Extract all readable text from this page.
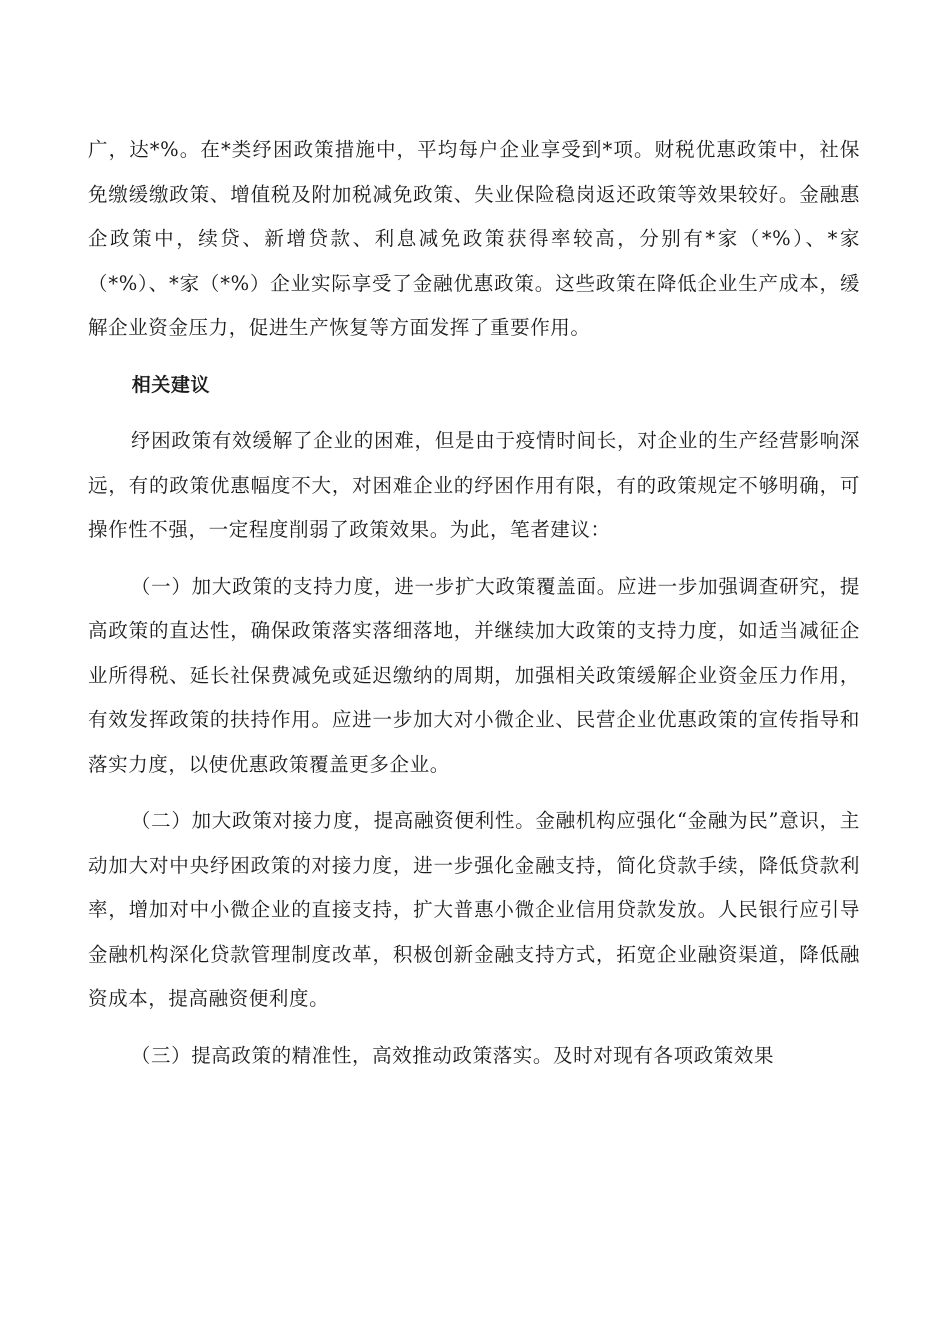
广，达*%。在*类纾困政策措施中，平均每户企业享受到*项。财税优惠政策中，社保免缴缓缴政策、增值税及附加税减免政策、失业保险稳岗返还政策等效果较好。金融惠企政策中，续贷、新增贷款、利息减免政策获得率较高，分别有*家（*%）、*家（*%）、*家（*%）企业实际享受了金融优惠政策。这些政策在降低企业生产成本，缓解企业资金压力，促进生产恢复等方面发挥了重要作用。

相关建议

纾困政策有效缓解了企业的困难，但是由于疫情时间长，对企业的生产经营影响深远，有的政策优惠幅度不大，对困难企业的纾困作用有限，有的政策规定不够明确，可操作性不强，一定程度削弱了政策效果。为此，笔者建议：

（一）加大政策的支持力度，进一步扩大政策覆盖面。应进一步加强调查研究，提高政策的直达性，确保政策落实落细落地，并继续加大政策的支持力度，如适当减征企业所得税、延长社保费减免或延迟缴纳的周期，加强相关政策缓解企业资金压力作用，有效发挥政策的扶持作用。应进一步加大对小微企业、民营企业优惠政策的宣传指导和落实力度，以使优惠政策覆盖更多企业。

（二）加大政策对接力度，提高融资便利性。金融机构应强化“金融为民”意识，主动加大对中央纾困政策的对接力度，进一步强化金融支持，简化贷款手续，降低贷款利率，增加对中小微企业的直接支持，扩大普惠小微企业信用贷款发放。人民银行应引导金融机构深化贷款管理制度改革，积极创新金融支持方式，拓宽企业融资渠道，降低融资成本，提高融资便利度。

（三）提高政策的精准性，高效推动政策落实。及时对现有各项政策效果
